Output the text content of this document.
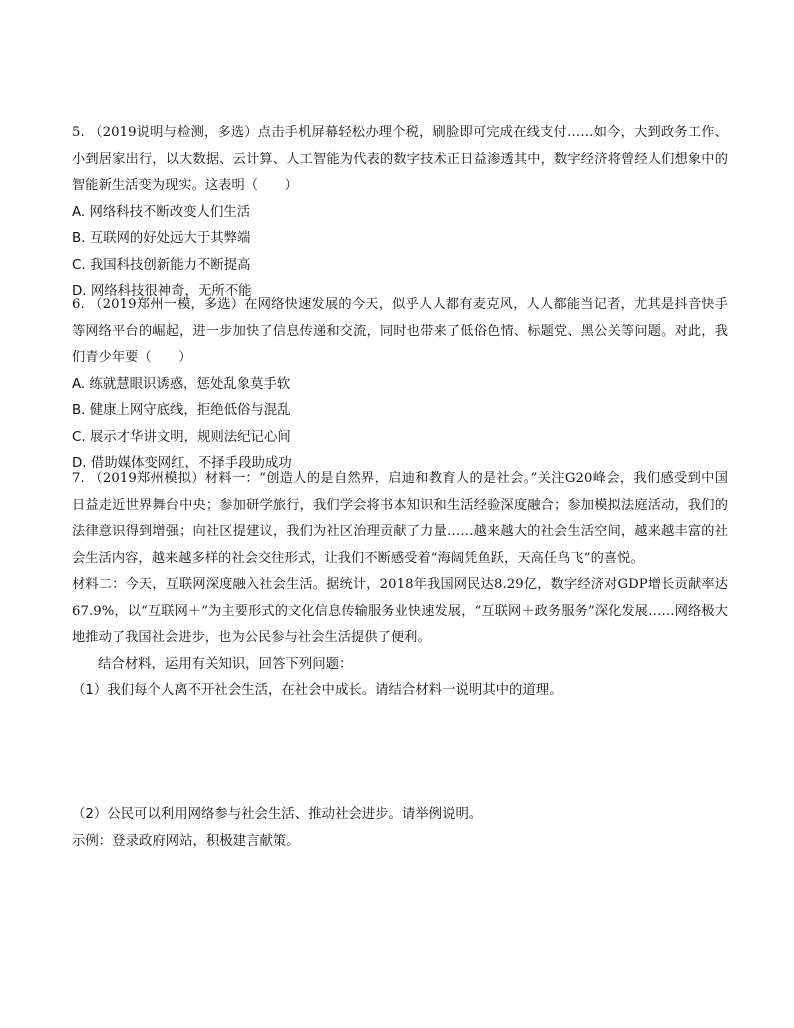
5. （2019说明与检测，多选）点击手机屏幕轻松办理个税，刷脸即可完成在线支付……如今，大到政务工作、小到居家出行，以大数据、云计算、人工智能为代表的数字技术正日益渗透其中，数字经济将曾经人们想象中的智能新生活变为现实。这表明（　　）

A. 网络科技不断改变人们生活

B. 互联网的好处远大于其弊端

C. 我国科技创新能力不断提高

D. 网络科技很神奇，无所不能

6. （2019郑州一模，多选）在网络快速发展的今天，似乎人人都有麦克风，人人都能当记者，尤其是抖音快手等网络平台的崛起，进一步加快了信息传递和交流，同时也带来了低俗色情、标题党、黑公关等问题。对此，我们青少年要（　　）

A. 练就慧眼识诱惑，惩处乱象莫手软

B. 健康上网守底线，拒绝低俗与混乱

C. 展示才华讲文明，规则法纪记心间

D. 借助媒体变网红，不择手段助成功

7. （2019郑州模拟）材料一：“创造人的是自然界，启迪和教育人的是社会。”关注G20峰会，我们感受到中国日益走近世界舞台中央；参加研学旅行，我们学会将书本知识和生活经验深度融合；参加模拟法庭活动，我们的法律意识得到增强；向社区提建议，我们为社区治理贡献了力量……越来越大的社会生活空间，越来越丰富的社会生活内容，越来越多样的社会交往形式，让我们不断感受着“海阔凭鱼跃，天高任鸟飞”的喜悦。

材料二：今天，互联网深度融入社会生活。据统计，2018年我国网民达8.29亿，数字经济对GDP增长贡献率达67.9%，以“互联网＋”为主要形式的文化信息传输服务业快速发展，“互联网＋政务服务”深化发展……网络极大地推动了我国社会进步，也为公民参与社会生活提供了便利。

结合材料，运用有关知识，回答下列问题：

（1）我们每个人离不开社会生活，在社会中成长。请结合材料一说明其中的道理。

（2）公民可以利用网络参与社会生活、推动社会进步。请举例说明。

示例：登录政府网站，积极建言献策。
